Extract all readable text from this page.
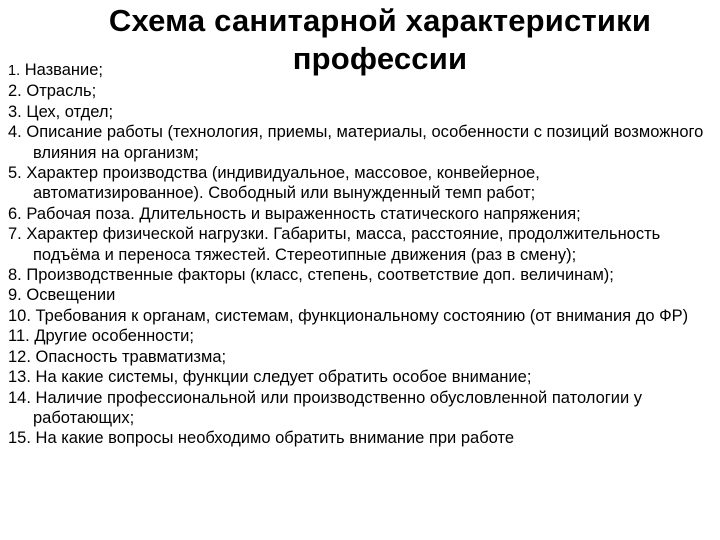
Схема санитарной характеристики
профессии
1. Название;
2. Отрасль;
3. Цех, отдел;
4. Описание работы (технология, приемы, материалы, особенности с позиций возможного влияния на организм;
5. Характер производства (индивидуальное, массовое, конвейерное, автоматизированное). Свободный или вынужденный темп работ;
6. Рабочая поза. Длительность и выраженность статического напряжения;
7. Характер физической нагрузки. Габариты, масса, расстояние, продолжительность подъёма и переноса тяжестей. Стереотипные движения (раз в смену);
8. Производственные факторы (класс, степень, соответствие доп. величинам);
9. Освещении
10. Требования к органам, системам, функциональному состоянию (от внимания до ФР)
11. Другие особенности;
12. Опасность травматизма;
13. На какие системы, функции следует обратить особое внимание;
14. Наличие профессиональной или производственно обусловленной патологии у работающих;
15. На какие вопросы необходимо обратить внимание при работе
